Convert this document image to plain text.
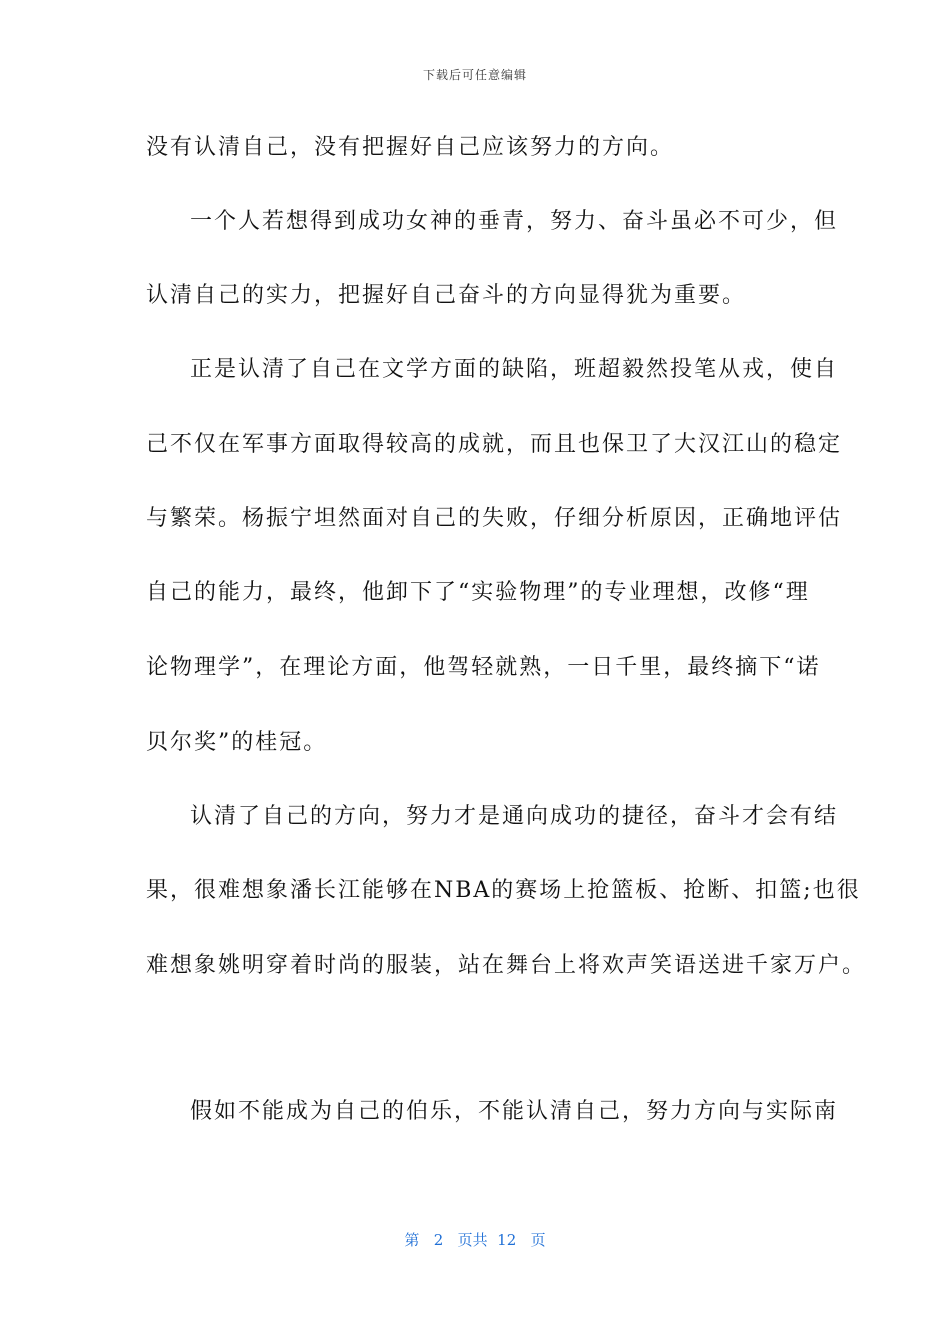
下载后可任意编辑
没有认清自己，没有把握好自己应该努力的方向。
一个人若想得到成功女神的垂青，努力、奋斗虽必不可少，但
认清自己的实力，把握好自己奋斗的方向显得犹为重要。
正是认清了自己在文学方面的缺陷，班超毅然投笔从戎，使自
己不仅在军事方面取得较高的成就，而且也保卫了大汉江山的稳定
与繁荣。杨振宁坦然面对自己的失败，仔细分析原因，正确地评估
自己的能力，最终，他卸下了“实验物理”的专业理想，改修“理
论物理学”，在理论方面，他驾轻就熟，一日千里，最终摘下“诺
贝尔奖”的桂冠。
认清了自己的方向，努力才是通向成功的捷径，奋斗才会有结
果，很难想象潘长江能够在NBA的赛场上抢篮板、抢断、扣篮;也很
难想象姚明穿着时尚的服装，站在舞台上将欢声笑语送进千家万户。
假如不能成为自己的伯乐，不能认清自己，努力方向与实际南
第 2 页共 12 页
